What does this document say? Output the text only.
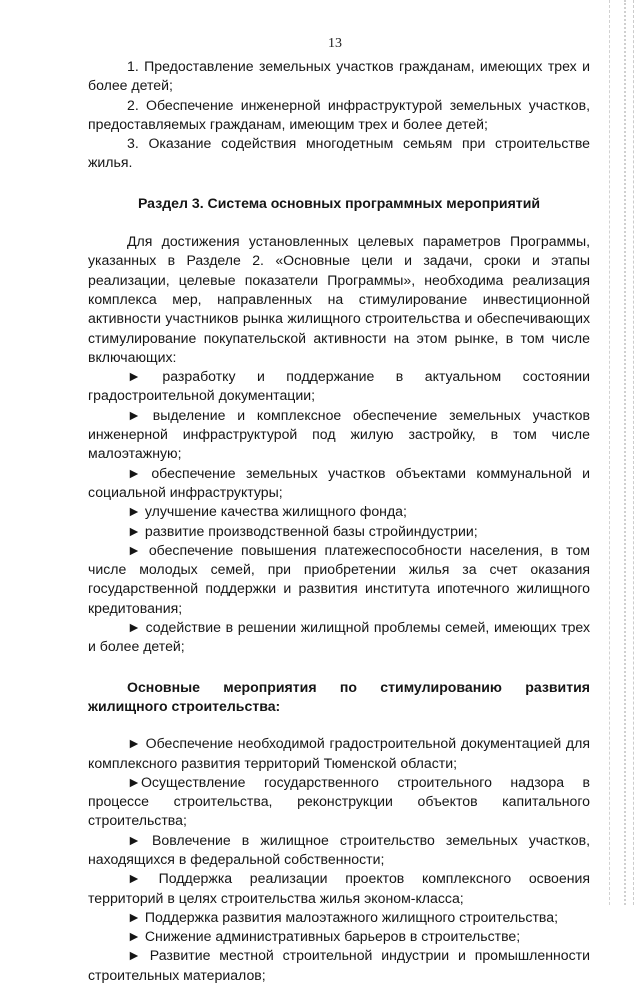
13

1. Предоставление земельных участков гражданам, имеющих трех и более детей;

2. Обеспечение инженерной инфраструктурой земельных участков, предоставляемых гражданам, имеющим трех и более детей;

3. Оказание содействия многодетным семьям при строительстве жилья.

Раздел 3. Система основных программных мероприятий

Для достижения установленных целевых параметров Программы, указанных в Разделе 2. «Основные цели и задачи, сроки и этапы реализации, целевые показатели Программы», необходима реализация комплекса мер, направленных на стимулирование инвестиционной активности участников рынка жилищного строительства и обеспечивающих стимулирование покупательской активности на этом рынке, в том числе включающих:

► разработку и поддержание в актуальном состоянии градостроительной документации;

► выделение и комплексное обеспечение земельных участков инженерной инфраструктурой под жилую застройку, в том числе малоэтажную;

► обеспечение земельных участков объектами коммунальной и социальной инфраструктуры;

► улучшение качества жилищного фонда;

► развитие производственной базы стройиндустрии;

► обеспечение повышения платежеспособности населения, в том числе молодых семей, при приобретении жилья за счет оказания государственной поддержки и развития института ипотечного жилищного кредитования;

► содействие в решении жилищной проблемы семей, имеющих трех и более детей;

Основные мероприятия по стимулированию развития жилищного строительства:

► Обеспечение необходимой градостроительной документацией для комплексного развития территорий Тюменской области;

►Осуществление государственного строительного надзора в процессе строительства, реконструкции объектов капитального строительства;

► Вовлечение в жилищное строительство земельных участков, находящихся в федеральной собственности;

► Поддержка реализации проектов комплексного освоения территорий в целях строительства жилья эконом-класса;

► Поддержка развития малоэтажного жилищного строительства;

► Снижение административных барьеров в строительстве;

► Развитие местной строительной индустрии и промышленности строительных материалов;
